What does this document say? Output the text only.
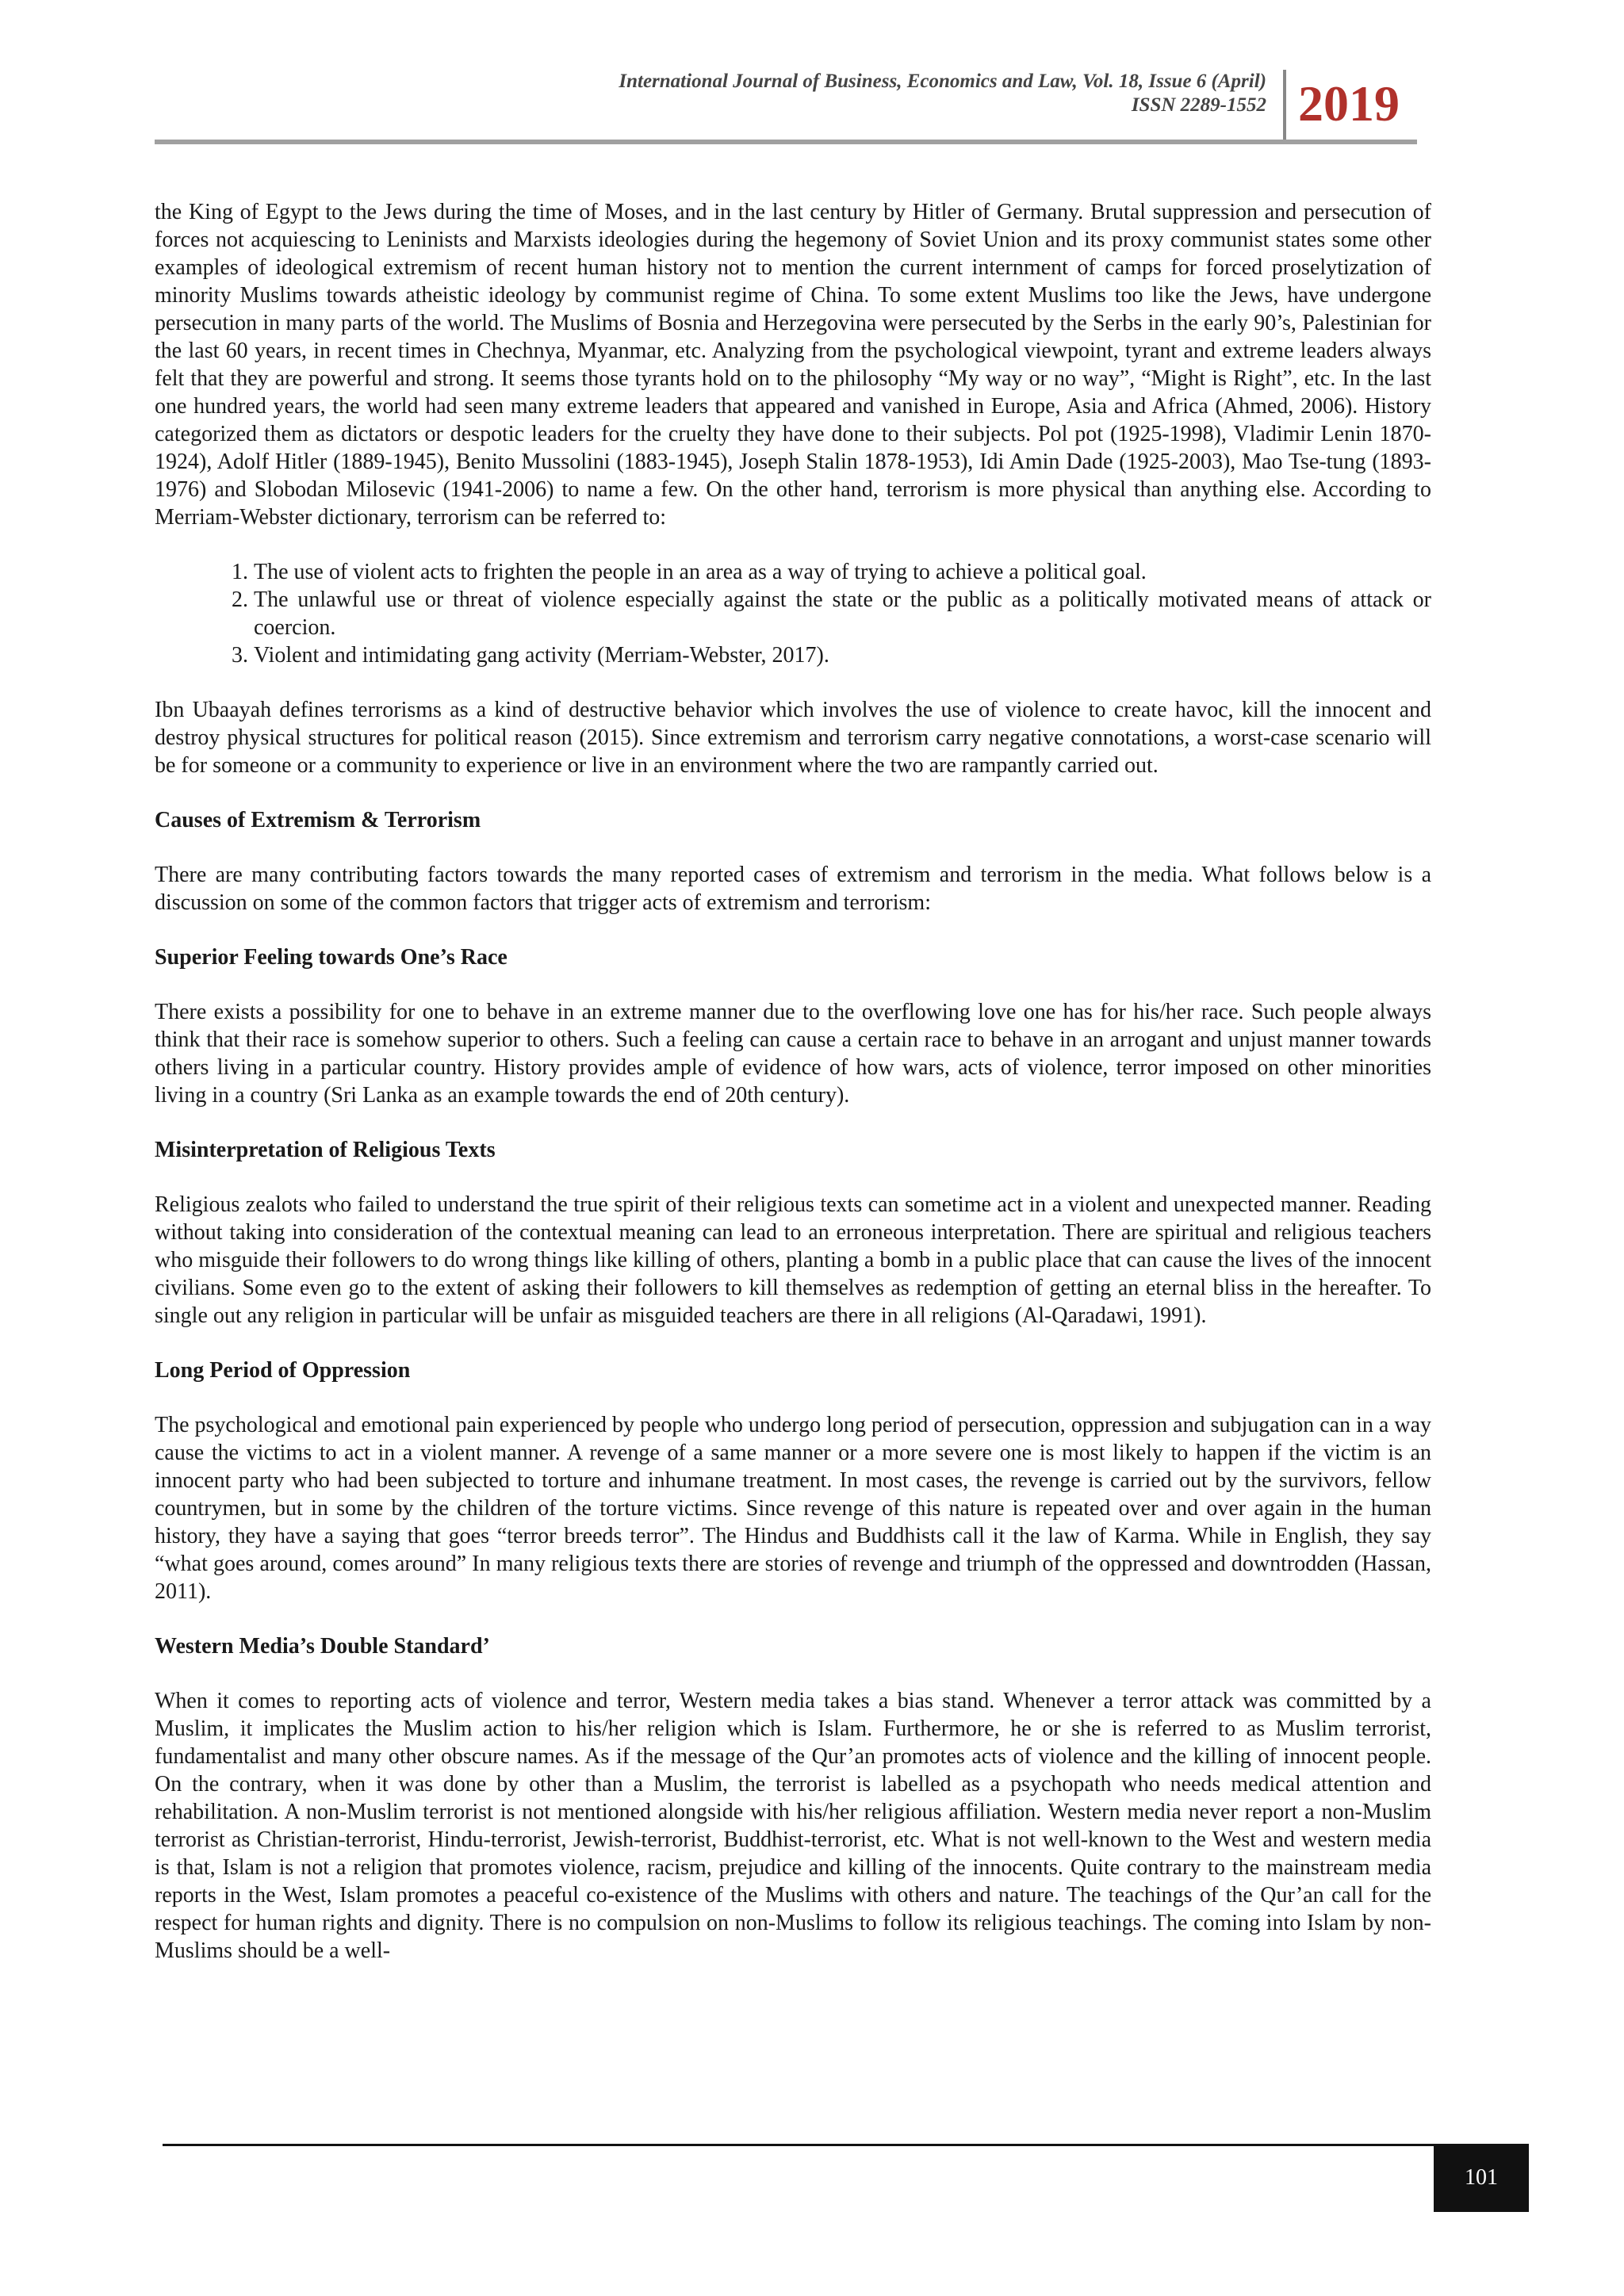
International Journal of Business, Economics and Law, Vol. 18, Issue 6 (April)
ISSN 2289-1552 2019

the King of Egypt to the Jews during the time of Moses, and in the last century by Hitler of Germany. Brutal suppression and persecution of forces not acquiescing to Leninists and Marxists ideologies during the hegemony of Soviet Union and its proxy communist states some other examples of ideological extremism of recent human history not to mention the current internment of camps for forced proselytization of minority Muslims towards atheistic ideology by communist regime of China. To some extent Muslims too like the Jews, have undergone persecution in many parts of the world. The Muslims of Bosnia and Herzegovina were persecuted by the Serbs in the early 90’s, Palestinian for the last 60 years, in recent times in Chechnya, Myanmar, etc. Analyzing from the psychological viewpoint, tyrant and extreme leaders always felt that they are powerful and strong. It seems those tyrants hold on to the philosophy “My way or no way”, “Might is Right”, etc. In the last one hundred years, the world had seen many extreme leaders that appeared and vanished in Europe, Asia and Africa (Ahmed, 2006). History categorized them as dictators or despotic leaders for the cruelty they have done to their subjects. Pol pot (1925-1998), Vladimir Lenin 1870-1924), Adolf Hitler (1889-1945), Benito Mussolini (1883-1945), Joseph Stalin 1878-1953), Idi Amin Dade (1925-2003), Mao Tse-tung (1893-1976) and Slobodan Milosevic (1941-2006) to name a few. On the other hand, terrorism is more physical than anything else. According to Merriam-Webster dictionary, terrorism can be referred to:

1. The use of violent acts to frighten the people in an area as a way of trying to achieve a political goal.
2. The unlawful use or threat of violence especially against the state or the public as a politically motivated means of attack or coercion.
3. Violent and intimidating gang activity (Merriam-Webster, 2017).

Ibn Ubaayah defines terrorisms as a kind of destructive behavior which involves the use of violence to create havoc, kill the innocent and destroy physical structures for political reason (2015). Since extremism and terrorism carry negative connotations, a worst-case scenario will be for someone or a community to experience or live in an environment where the two are rampantly carried out.

Causes of Extremism & Terrorism

There are many contributing factors towards the many reported cases of extremism and terrorism in the media. What follows below is a discussion on some of the common factors that trigger acts of extremism and terrorism:

Superior Feeling towards One’s Race

There exists a possibility for one to behave in an extreme manner due to the overflowing love one has for his/her race. Such people always think that their race is somehow superior to others. Such a feeling can cause a certain race to behave in an arrogant and unjust manner towards others living in a particular country. History provides ample of evidence of how wars, acts of violence, terror imposed on other minorities living in a country (Sri Lanka as an example towards the end of 20th century).

Misinterpretation of Religious Texts

Religious zealots who failed to understand the true spirit of their religious texts can sometime act in a violent and unexpected manner. Reading without taking into consideration of the contextual meaning can lead to an erroneous interpretation. There are spiritual and religious teachers who misguide their followers to do wrong things like killing of others, planting a bomb in a public place that can cause the lives of the innocent civilians. Some even go to the extent of asking their followers to kill themselves as redemption of getting an eternal bliss in the hereafter. To single out any religion in particular will be unfair as misguided teachers are there in all religions (Al-Qaradawi, 1991).

Long Period of Oppression

The psychological and emotional pain experienced by people who undergo long period of persecution, oppression and subjugation can in a way cause the victims to act in a violent manner. A revenge of a same manner or a more severe one is most likely to happen if the victim is an innocent party who had been subjected to torture and inhumane treatment. In most cases, the revenge is carried out by the survivors, fellow countrymen, but in some by the children of the torture victims. Since revenge of this nature is repeated over and over again in the human history, they have a saying that goes “terror breeds terror”. The Hindus and Buddhists call it the law of Karma. While in English, they say “what goes around, comes around” In many religious texts there are stories of revenge and triumph of the oppressed and downtrodden (Hassan, 2011).

Western Media’s Double Standard’

When it comes to reporting acts of violence and terror, Western media takes a bias stand. Whenever a terror attack was committed by a Muslim, it implicates the Muslim action to his/her religion which is Islam. Furthermore, he or she is referred to as Muslim terrorist, fundamentalist and many other obscure names. As if the message of the Qur’an promotes acts of violence and the killing of innocent people. On the contrary, when it was done by other than a Muslim, the terrorist is labelled as a psychopath who needs medical attention and rehabilitation. A non-Muslim terrorist is not mentioned alongside with his/her religious affiliation. Western media never report a non-Muslim terrorist as Christian-terrorist, Hindu-terrorist, Jewish-terrorist, Buddhist-terrorist, etc. What is not well-known to the West and western media is that, Islam is not a religion that promotes violence, racism, prejudice and killing of the innocents. Quite contrary to the mainstream media reports in the West, Islam promotes a peaceful co-existence of the Muslims with others and nature. The teachings of the Qur’an call for the respect for human rights and dignity. There is no compulsion on non-Muslims to follow its religious teachings. The coming into Islam by non-Muslims should be a well-

101
